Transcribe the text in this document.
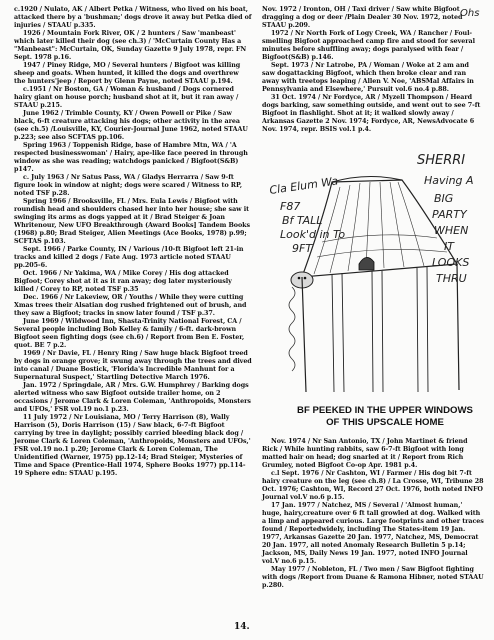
Ohs
c.1920 / Nulato, AK / Albert Petka / Witness, who lived on his boat, attacked there by a 'bushman;' dogs drove it away but Petka died of injuries / STAAU p.335.
1926 / Mountain Fork River, OK / 2 hunters / Saw 'manbeast' which later killed their dog (see ch.3) / 'McCurtain County Has a "Manbeast": McCurtain, OK, Sunday Gazette 9 July 1978, repr. FN Sept. 1978 p.16.
1947 / Piney Ridge, MO / Several hunters / Bigfoot was killing sheep and goats. When hunted, it killed the dogs and overthrew the hunters'jeep / Report by Glenn Payne, noted STAAU p.194.
c.1951 / Nr Boston, GA / Woman & husband / Dogs cornered hairy giant on house porch; husband shot at it, but it ran away / STAAU p.215.
June 1962 / Trimble County, KY / Owen Powell or Pike / Saw black, 6-ft creature attacking his dogs; other activity in the area (see ch.5) /Louisville, KY, Courier-Journal June 1962, noted STAAU p.223; see also SCFTAS pp.106.
Spring 1963 / Toppenish Ridge, base of Hambre Mtn, WA / 'A respected businesswoman' / Hairy, ape-like face peered in through window as she was reading; watchdogs panicked / Bigfoot(S&B) p147.
c. July 1963 / Nr Satus Pass, WA / Gladys Herrarra / Saw 9-ft figure look in window at night; dogs were scared / Witness to RP, noted TSF p.28.
Spring 1966 / Brooksville, FL / Mrs. Eula Lewis / Bigfoot with roundish head and shoulders chased her into her house; she saw it swinging its arms as dogs yapped at it / Brad Steiger & Joan Whritenour, New UFO Breakthrough (Award Books] Tandem Books (1968) p.80; Brad Steiger, Alien Meetings (Ace Books, 1978) p.99; SCFTAS p.103.
Sept. 1966 / Parke County, IN / Various /10-ft Bigfoot left 21-in tracks and killed 2 dogs / Fate Aug. 1973 article noted STAAU pp.205-6.
Oct. 1966 / Nr Yakima, WA / Mike Corey / His dog attacked Bigfoot; Corey shot at it as it ran away; dog later mysteriously killed / Corey to RP, noted TSF p.35
Dec. 1966 / Nr Lakeview, OR / Youths / While they were cutting Xmas trees their Alsatian dog rushed frightened out of brush, and they saw a Bigfoot; tracks in snow later found / TSF p.37.
June 1969 / Wildwood Inn, Shasta-Trinity National Forest, CA / Several people including Bob Kelley & family / 6-ft. dark-brown Bigfoot seen fighting dogs (see ch.6) / Report from Ben E. Foster, quot. BE 7 p.2.
1969 / Nr Davie, FL / Henry Ring / Saw huge black Bigfoot treed by dogs in orange grove; it swung away through the trees and dived into canal / Duane Bostick, 'Florida's Incredible Manhunt for a Supernatural Suspect,' Startling Detective March 1976.
Jan. 1972 / Springdale, AR / Mrs. G.W. Humphrey / Barking dogs alerted witness who saw Bigfoot outside trailer home, on 2 occasions / Jerome Clark & Loren Coleman, 'Anthropoids, Monsters and UFOs,' FSR vol.19 no.1 p.23.
11 July 1972 / Nr Louisiana, MO / Terry Harrison (8), Wally Harrison (5), Doris Harrison (15) / Saw black, 6-7-ft Bigfoot carrying by tree in daylight; possibly carried bleeding black dog / Jerome Clark & Loren Coleman, 'Anthropoids, Monsters and UFOs,' FSR vol.19 no.1 p.20; Jerome Clark & Loren Coleman, The Unidentified (Warner, 1975) pp.12-14; Brad Steiger, Mysteries of Time and Space (Prentice-Hall 1974, Sphere Books 1977) pp.114-19 Sphere edn: STAAU p.195.
Nov. 1972 / Ironton, OH / Taxi driver / Saw white Bigfoot dragging a dog or deer /Plain Dealer 30 Nov. 1972, noted STAAU p.209.
1972 / Nr North Fork of Logy Creek, WA / Rancher / Foul-smelling Bigfoot approached camp fire and stood for several minutes before shuffling away; dogs paralysed with fear / Bigfoot(S&B) p.146.
Sept. 1973 / Nr Latrobe, PA / Woman / Woke at 2 am and saw dogattacking Bigfoot, which then broke clear and ran away with treetops leaping / Allen V. Noe, 'ABSMal Affairs in Pennsylvania and Elsewhere,' Pursuit vol.6 no.4 p.88.
31 Oct. 1974 / Nr Fordyce, AR / Myzell Thompson / Heard dogs barking, saw something outside, and went out to see 7-ft Bigfoot in flashlight. Shot at it; it walked slowly away / Arkansas Gazette 2 Nov. 1974; Fordyce, AR, NewsAdvocate 6 Nov. 1974, repr. BSIS vol.1 p.4.
Cla Elum Wa
F87
Bf TALL
Look'd in To
9FT
SHERRI
Having A
BIG
PARTY
WHEN
IT
LOOKS
THRU
BF PEEKED IN THE UPPER WINDOWS
OF THIS UPSCALE HOME
Nov. 1974 / Nr San Antonio, TX / John Martinet & friend Rick / While hunting rabbits, saw 6-7-ft Bigfoot with long matted hair on head; dog snarled at it / Report from Rich Grumley, noted Bigfoot Co-op Apr. 1981 p.4.
c.l Sept. 1976 / Nr Cashton, WI / Farmer / His dog bit 7-ft hairy creature on the leg (see ch.8) / La Crosse, WI, Tribune 28 Oct. 1976; Cashton, WI, Record 27 Oct. 1976, both noted INFO Journal vol.V no.6 p.15.
17 Jan. 1977 / Natchez, MS / Several / 'Almost human,' huge, hairy,creature over 6 ft tall growled at dog. Walked with a limp and appeared curious. Large footprints and other traces found / Reportedwidely, including The States-item 19 Jan. 1977, Arkansas Gazette 20 Jan. 1977, Natchez, MS, Democrat 20 Jan. 1977, all noted Anomaly Research Bulletin 5 p.14; Jackson, MS, Daily News 19 Jan. 1977, noted INFO Journal vol.V no.6 p.15.
May 1977 / Nobleton, FL / Two men / Saw Bigfoot fighting with dogs /Report from Duane & Ramona Hibner, noted STAAU p.280.
14.
